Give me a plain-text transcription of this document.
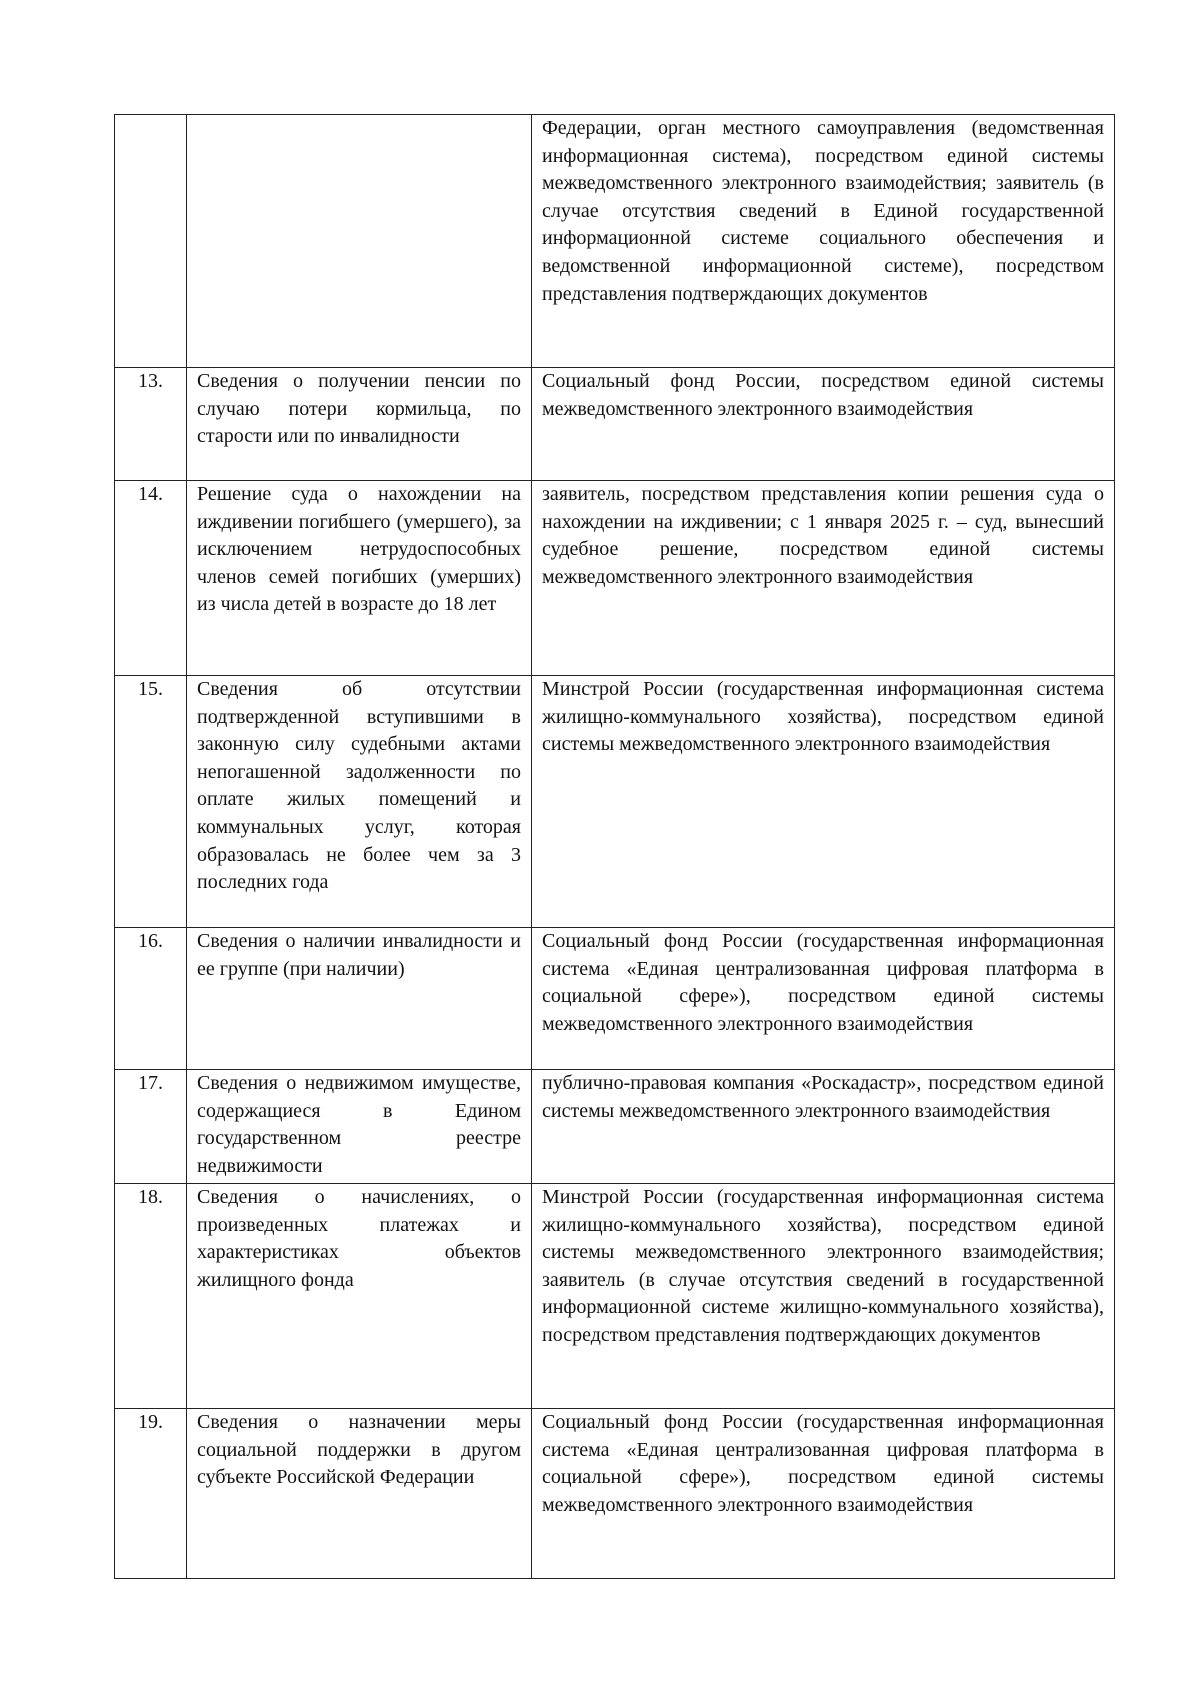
		Федерации, орган местного самоуправления (ведомственная информационная система), посредством единой системы межведомственного электронного взаимодействия; заявитель (в случае отсутствия сведений в Единой государственной информационной системе социального обеспечения и ведомственной информационной системе), посредством представления подтверждающих документов
13.	Сведения о получении пенсии по случаю потери кормильца, по старости или по инвалидности	Социальный фонд России, посредством единой системы межведомственного электронного взаимодействия
14.	Решение суда о нахождении на иждивении погибшего (умершего), за исключением нетрудоспособных членов семей погибших (умерших) из числа детей в возрасте до 18 лет	заявитель, посредством представления копии решения суда о нахождении на иждивении; с 1 января 2025 г. – суд, вынесший судебное решение, посредством единой системы межведомственного электронного взаимодействия
15.	Сведения об отсутствии подтвержденной вступившими в законную силу судебными актами непогашенной задолженности по оплате жилых помещений и коммунальных услуг, которая образовалась не более чем за 3 последних года	Минстрой России (государственная информационная система жилищно-коммунального хозяйства), посредством единой системы межведомственного электронного взаимодействия
16.	Сведения о наличии инвалидности и ее группе (при наличии)	Социальный фонд России (государственная информационная система «Единая централизованная цифровая платформа в социальной сфере»), посредством единой системы межведомственного электронного взаимодействия
17.	Сведения о недвижимом имуществе, содержащиеся в Едином государственном реестре недвижимости	публично-правовая компания «Роскадастр», посредством единой системы межведомственного электронного взаимодействия
18.	Сведения о начислениях, о произведенных платежах и характеристиках объектов жилищного фонда	Минстрой России (государственная информационная система жилищно-коммунального хозяйства), посредством единой системы межведомственного электронного взаимодействия; заявитель (в случае отсутствия сведений в государственной информационной системе жилищно-коммунального хозяйства), посредством представления подтверждающих документов
19.	Сведения о назначении меры социальной поддержки в другом субъекте Российской Федерации	Социальный фонд России (государственная информационная система «Единая централизованная цифровая платформа в социальной сфере»), посредством единой системы межведомственного электронного взаимодействия
